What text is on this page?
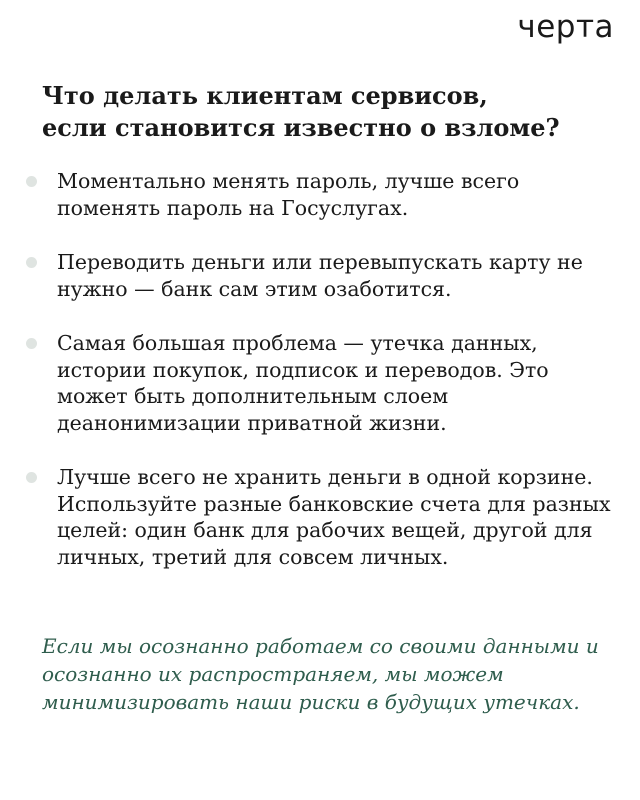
черта
Что делать клиентам сервисов,
если становится известно о взломе?
Моментально менять пароль, лучше всего поменять пароль на Госуслугах.
Переводить деньги или перевыпускать карту не нужно — банк сам этим озаботится.
Самая большая проблема — утечка данных, истории покупок, подписок и переводов. Это может быть дополнительным слоем деанонимизации приватной жизни.
Лучше всего не хранить деньги в одной корзине. Используйте разные банковские счета для разных целей: один банк для рабочих вещей, другой для личных, третий для совсем личных.

Если мы осознанно работаем со своими данными и осознанно их распространяем, мы можем минимизировать наши риски в будущих утечках.
